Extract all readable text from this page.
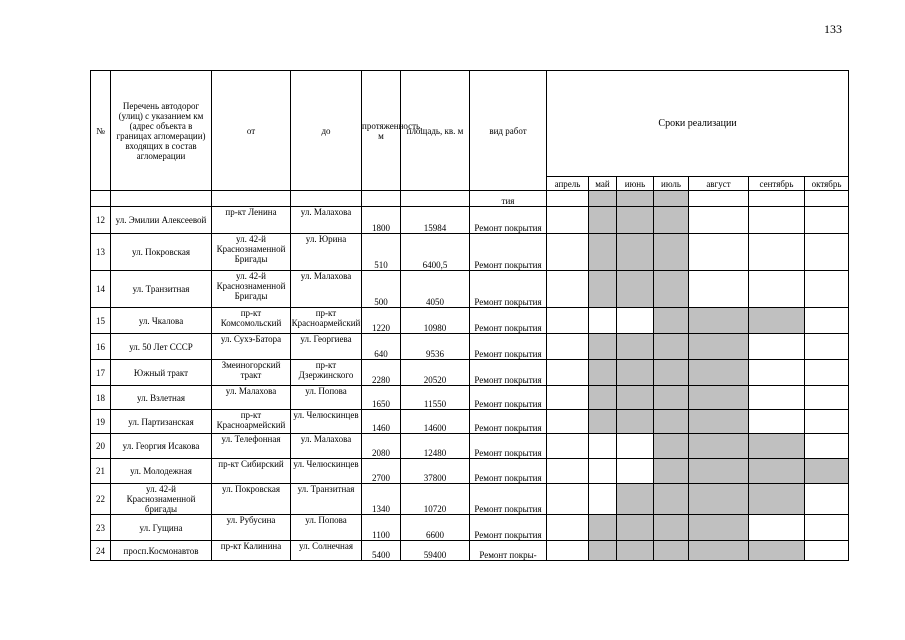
133
№	Перечень автодорог (улиц) с указанием км (адрес объекта в границах агломерации) входящих в состав агломерации	от	до	протяженность, м	площадь, кв. м	вид работ	Сроки реализации						
							апрель	май	июнь	июль	август	сентябрь	октябрь
						тия							
12	ул. Эмилии Алексеевой	пр-кт Ленина	ул. Малахова	1800	15984	Ремонт покрытия							
13	ул. Покровская	ул. 42-й Краснознаменной Бригады	ул. Юрина	510	6400,5	Ремонт покрытия							
14	ул. Транзитная	ул. 42-й Краснознаменной Бригады	ул. Малахова	500	4050	Ремонт покрытия							
15	ул. Чкалова	пр-кт Комсомольский	пр-кт Красноармейский	1220	10980	Ремонт покрытия							
16	ул. 50 Лет СССР	ул. Сухэ-Батора	ул. Георгиева	640	9536	Ремонт покрытия							
17	Южный тракт	Змеиногорский тракт	пр-кт Дзержинского	2280	20520	Ремонт покрытия							
18	ул. Взлетная	ул. Малахова	ул. Попова	1650	11550	Ремонт покрытия							
19	ул. Партизанская	пр-кт Красноармейский	ул. Челюскинцев	1460	14600	Ремонт покрытия							
20	ул. Георгия Исакова	ул. Телефонная	ул. Малахова	2080	12480	Ремонт покрытия							
21	ул. Молодежная	пр-кт Сибирский	ул. Челюскинцев	2700	37800	Ремонт покрытия							
22	ул. 42-й Краснознаменной бригады	ул. Покровская	ул. Транзитная	1340	10720	Ремонт покрытия							
23	ул. Гущина	ул. Рубусина	ул. Попова	1100	6600	Ремонт покрытия							
24	просп.Космонавтов	пр-кт Калинина	ул. Солнечная	5400	59400	Ремонт покры-							
